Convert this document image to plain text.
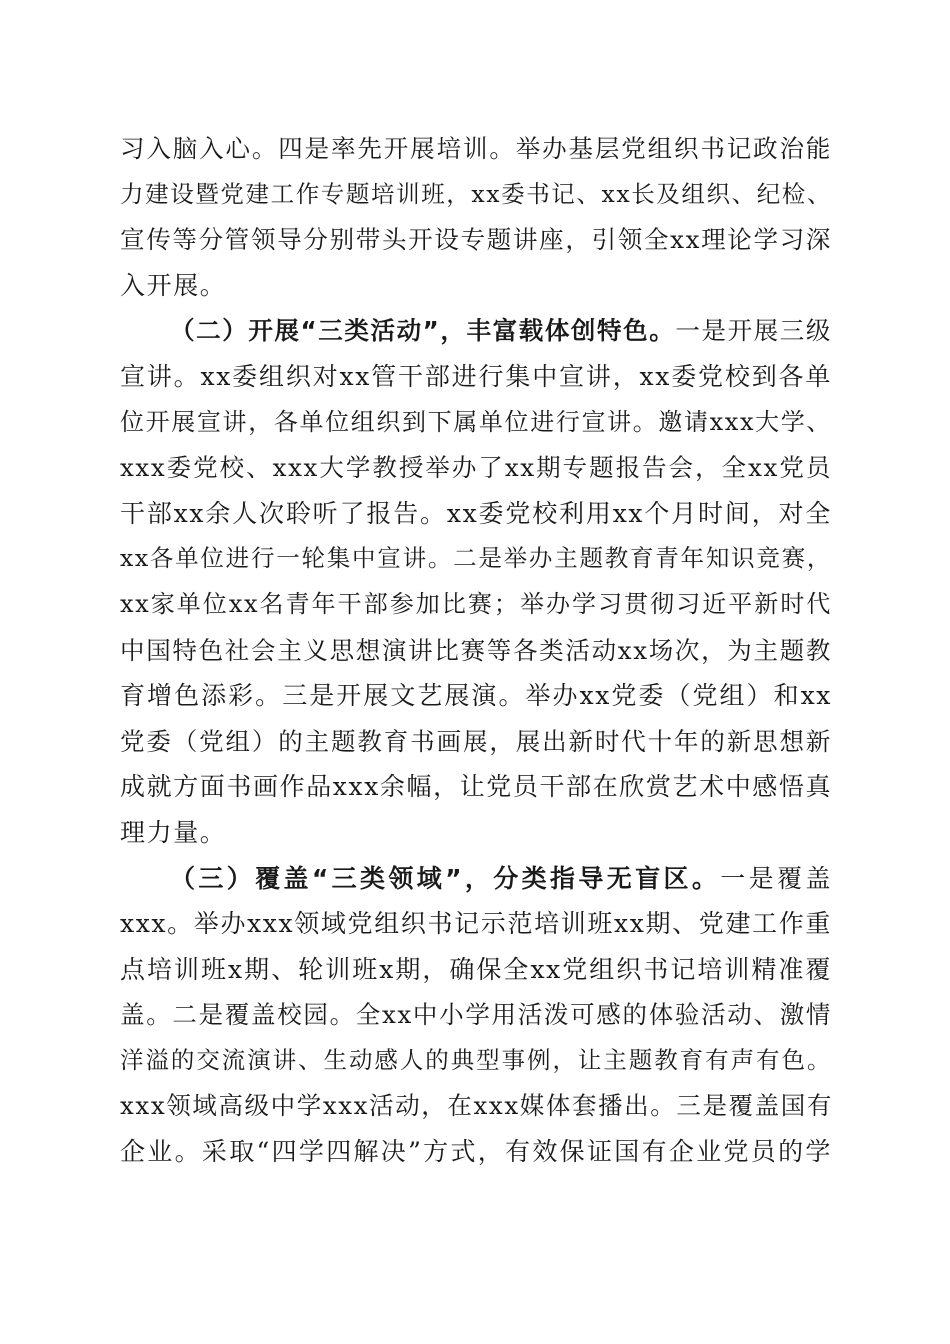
习入脑入心。四是率先开展培训。举办基层党组织书记政治能
力建设暨党建工作专题培训班，xx委书记、xx长及组织、纪检、
宣传等分管领导分别带头开设专题讲座，引领全xx理论学习深
入开展。
（二）开展“三类活动”，丰富载体创特色。一是开展三级
宣讲。xx委组织对xx管干部进行集中宣讲，xx委党校到各单
位开展宣讲，各单位组织到下属单位进行宣讲。邀请xxx大学、
xxx委党校、xxx大学教授举办了xx期专题报告会，全xx党员
干部xx余人次聆听了报告。xx委党校利用xx个月时间，对全
xx各单位进行一轮集中宣讲。二是举办主题教育青年知识竞赛，
xx家单位xx名青年干部参加比赛；举办学习贯彻习近平新时代
中国特色社会主义思想演讲比赛等各类活动xx场次，为主题教
育增色添彩。三是开展文艺展演。举办xx党委（党组）和xx
党委（党组）的主题教育书画展，展出新时代十年的新思想新
成就方面书画作品xxx余幅，让党员干部在欣赏艺术中感悟真
理力量。
（三）覆盖“三类领域”，分类指导无盲区。一是覆盖
xxx。举办xxx领域党组织书记示范培训班xx期、党建工作重
点培训班x期、轮训班x期，确保全xx党组织书记培训精准覆
盖。二是覆盖校园。全xx中小学用活泼可感的体验活动、激情
洋溢的交流演讲、生动感人的典型事例，让主题教育有声有色。
xxx领域高级中学xxx活动，在xxx媒体套播出。三是覆盖国有
企业。采取“四学四解决”方式，有效保证国有企业党员的学
